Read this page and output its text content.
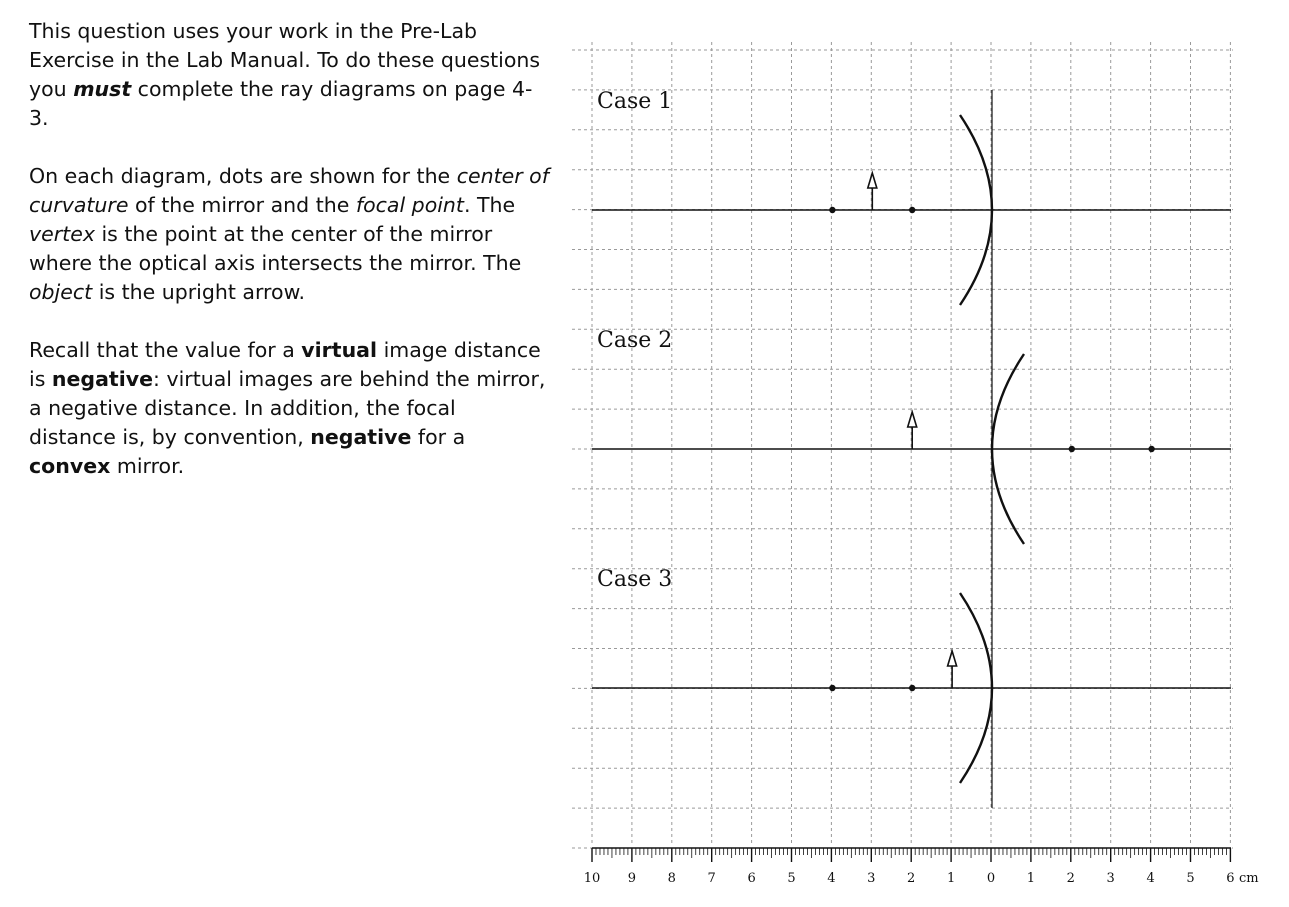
This question uses your work in the Pre-Lab Exercise in the Lab Manual. To do these questions you must complete the ray diagrams on page 4-3.

On each diagram, dots are shown for the center of curvature of the mirror and the focal point. The vertex is the point at the center of the mirror where the optical axis intersects the mirror. The object is the upright arrow.

Recall that the value for a virtual image distance is negative: virtual images are behind the mirror, a negative distance. In addition, the focal distance is, by convention, negative for a convex mirror.

10 9 8 7 6 5 4 3 2 1 0 1 2 3 4 5 6 cm
Case 1
Case 2
Case 3
